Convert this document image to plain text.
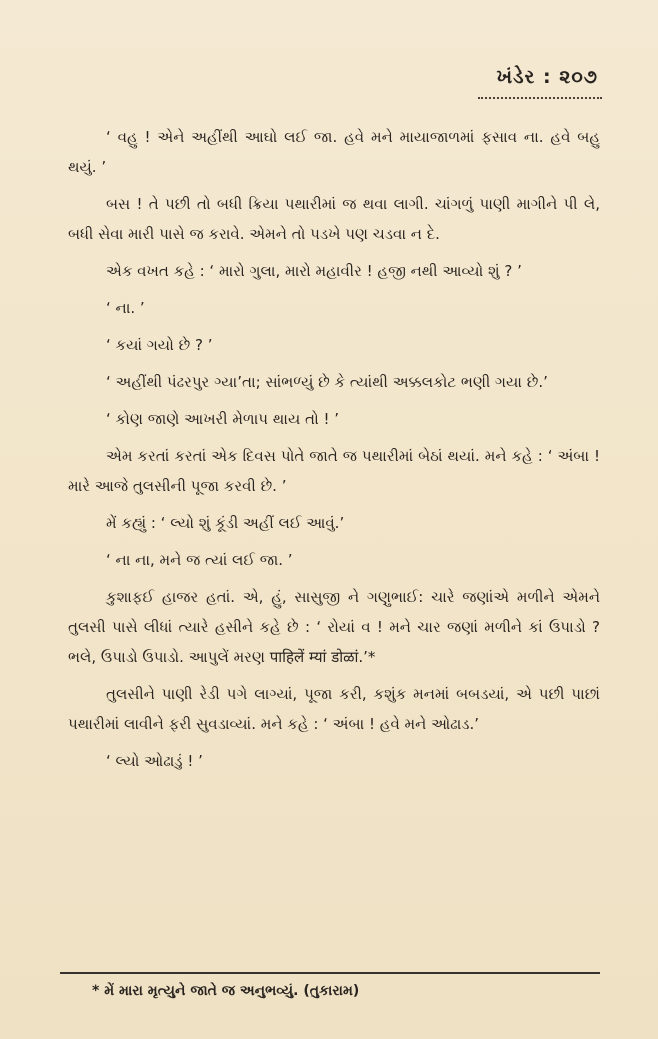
ખંડેર : ૨૦૭

‘ વહુ ! એને અહીંથી આઘો લઈ જા. હવે મને માયાજાળમાં ફસાવ ના. હવે બહુ થયું. ’

બસ ! તે પછી તો બધી ક્રિયા પથારીમાં જ થવા લાગી. ચાંગળું પાણી માગીને પી લે, બધી સેવા મારી પાસે જ કરાવે. એમને તો પડખે પણ ચડવા ન દે.

એક વખત કહે : ‘ મારો ગુલા, મારો મહાવીર ! હજી નથી આવ્યો શું ? ’

‘ ના. ’

‘ કયાં ગયો છે ? ’

‘ અહીંથી પંઢરપુર ગ્યા’તા; સાંભળ્યું છે કે ત્યાંથી અક્કલકોટ ભણી ગયા છે.’

‘ કોણ જાણે આખરી મેળાપ થાય તો ! ’

એમ કરતાં કરતાં એક દિવસ પોતે જાતે જ પથારીમાં બેઠાં થયાં. મને કહે : ‘ અંબા ! મારે આજે તુલસીની પૂજા કરવી છે. ’

મેં કહ્યું : ‘ લ્યો શું કૂંડી અહીં લઈ આવું.’

‘ ના ના, મને જ ત્યાં લઈ જા. ’

કુશાફઈ હાજર હતાં. એ, હું, સાસુજી ને ગણુભાઈ: ચારે જણાંએ મળીને એમને તુલસી પાસે લીધાં ત્યારે હસીને કહે છે : ‘ રોયાં વ ! મને ચાર જણાં મળીને કાં ઉપાડો ? ભલે, ઉપાડો ઉપાડો. આપુલેં મરણ पाहिलें म्यां डोळां.’*

તુલસીને પાણી રેડી પગે લાગ્યાં, પૂજા કરી, કશુંક મનમાં બબડયાં, એ પછી પાછાં પથારીમાં લાવીને ફરી સુવડાવ્યાં. મને કહે : ‘ અંબા ! હવે મને ઓઢાડ.’

‘ લ્યો ઓઢાડું ! ’

* મેં મારા મૃત્યુને જાતે જ અનુભવ્યું. (તુકારામ)
